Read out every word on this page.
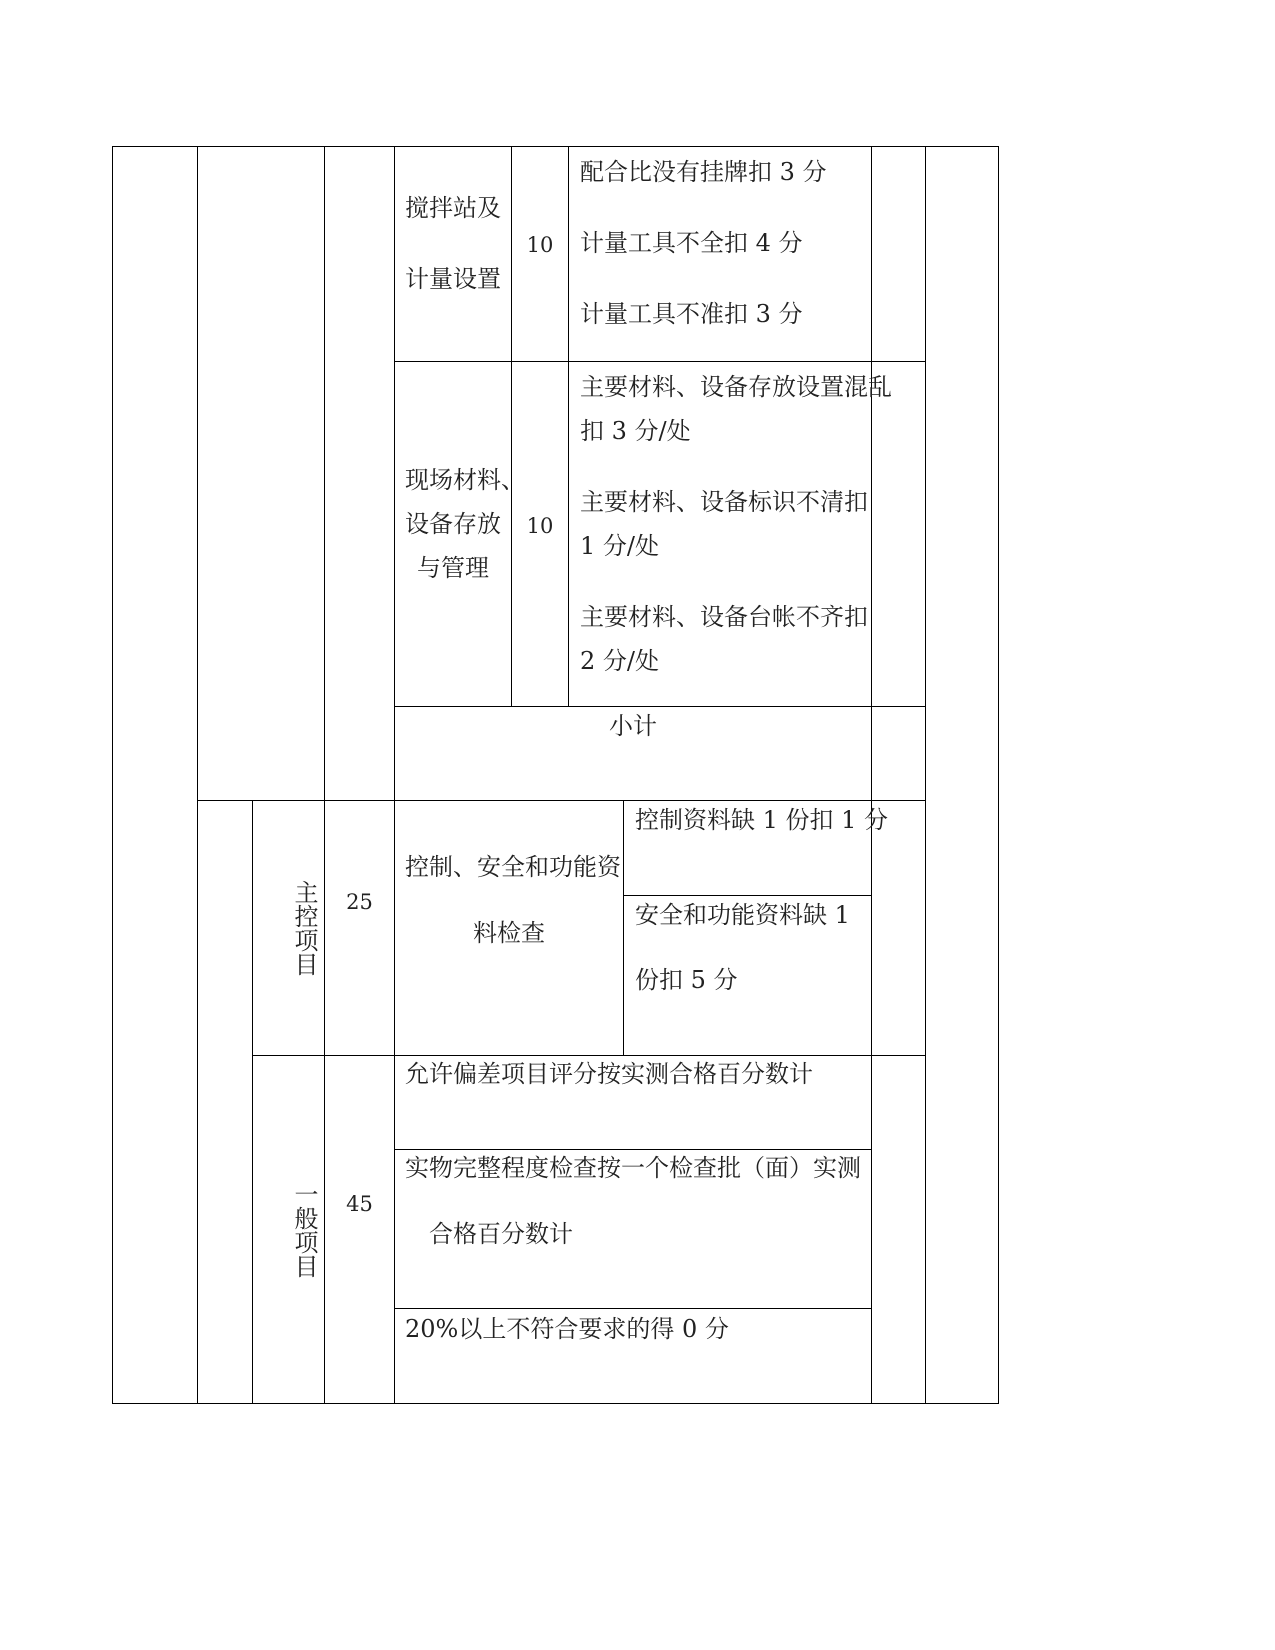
搅拌站及
计量设置
10
配合比没有挂牌扣 3 分
计量工具不全扣 4 分
计量工具不准扣 3 分
现场材料、
设备存放
与管理
10
主要材料、设备存放设置混乱
扣 3 分/处
主要材料、设备标识不清扣
1 分/处
主要材料、设备台帐不齐扣
2 分/处
小计
主控项目	25
控制、安全和功能资
料检查
控制资料缺 1 份扣 1 分
安全和功能资料缺 1
份扣 5 分
一般项目	45
允许偏差项目评分按实测合格百分数计
实物完整程度检查按一个检查批（面）实测
合格百分数计
20%以上不符合要求的得 0 分
